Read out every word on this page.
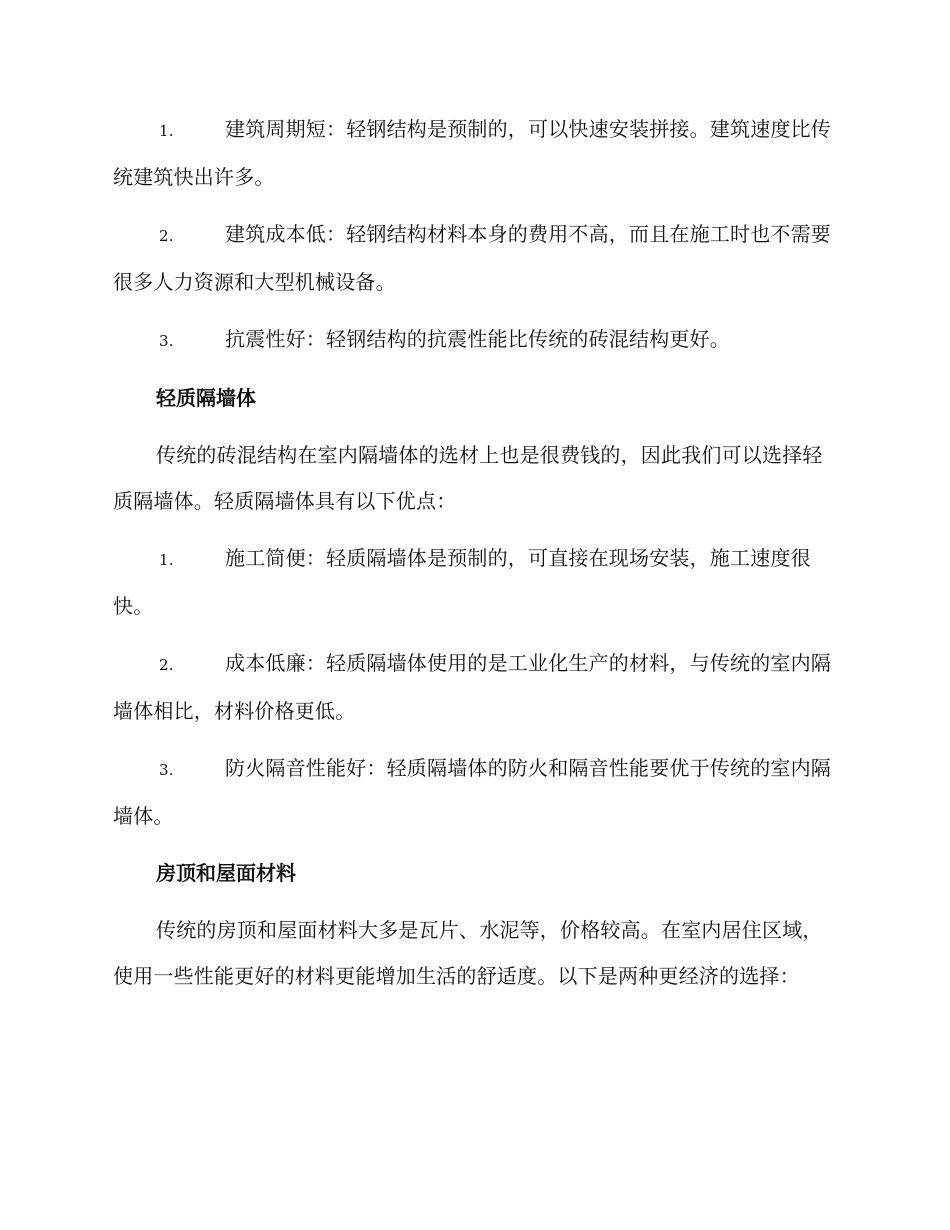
1.	建筑周期短：轻钢结构是预制的，可以快速安装拼接。建筑速度比传统建筑快出许多。
2.	建筑成本低：轻钢结构材料本身的费用不高，而且在施工时也不需要很多人力资源和大型机械设备。
3.	抗震性好：轻钢结构的抗震性能比传统的砖混结构更好。
轻质隔墙体
传统的砖混结构在室内隔墙体的选材上也是很费钱的，因此我们可以选择轻质隔墙体。轻质隔墙体具有以下优点：
1.	施工简便：轻质隔墙体是预制的，可直接在现场安装，施工速度很快。
2.	成本低廉：轻质隔墙体使用的是工业化生产的材料，与传统的室内隔墙体相比，材料价格更低。
3.	防火隔音性能好：轻质隔墙体的防火和隔音性能要优于传统的室内隔墙体。
房顶和屋面材料
传统的房顶和屋面材料大多是瓦片、水泥等，价格较高。在室内居住区域，使用一些性能更好的材料更能增加生活的舒适度。以下是两种更经济的选择：
